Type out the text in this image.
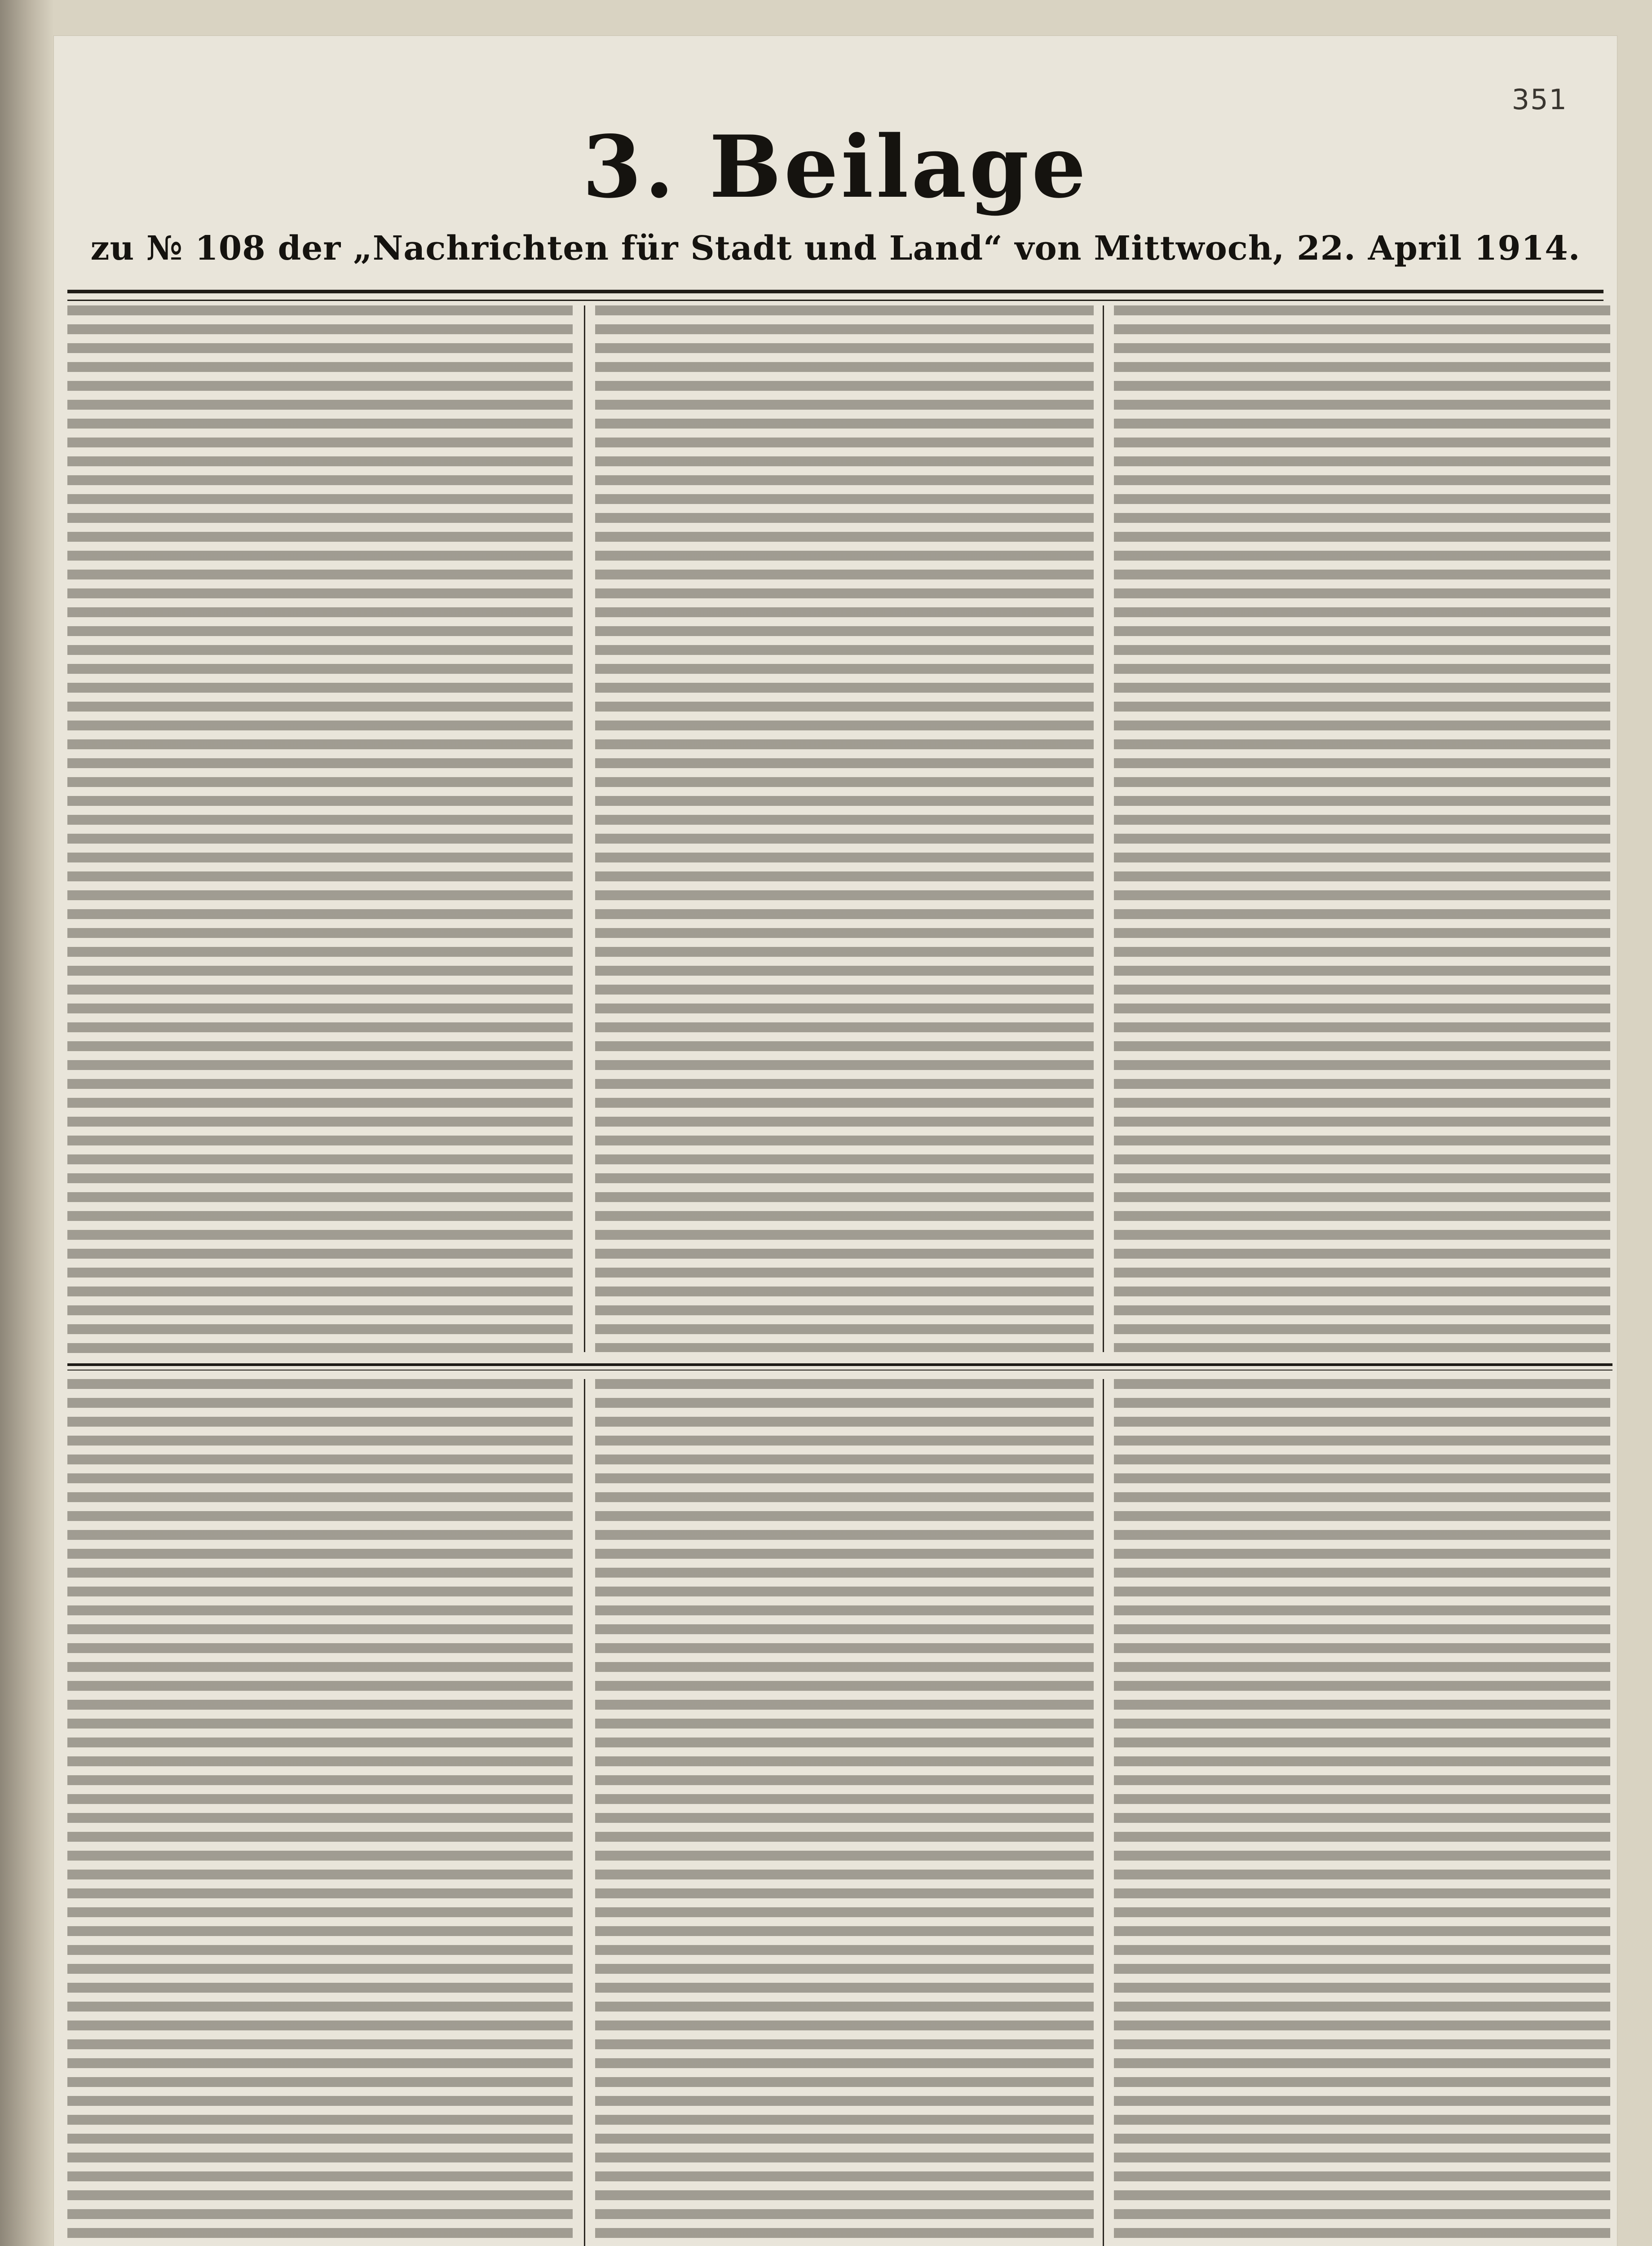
351
3. Beilage
zu № 108 der „Nachrichten für Stadt und Land“ von Mittwoch, 22. April 1914.
